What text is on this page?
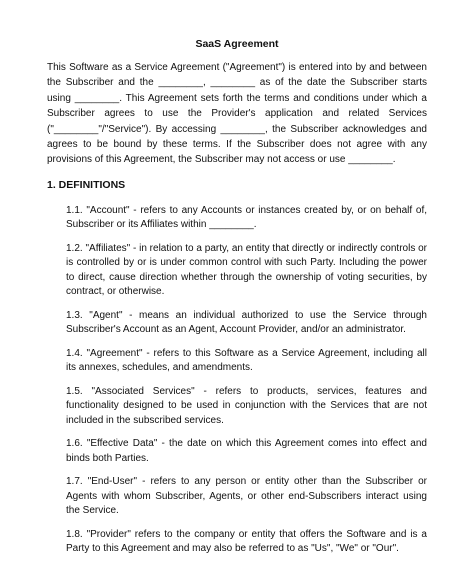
SaaS Agreement

This Software as a Service Agreement ("Agreement") is entered into by and between the Subscriber and the ________, ________ as of the date the Subscriber starts using ________. This Agreement sets forth the terms and conditions under which a Subscriber agrees to use the Provider's application and related Services ("________"/"Service"). By accessing ________, the Subscriber acknowledges and agrees to be bound by these terms. If the Subscriber does not agree with any provisions of this Agreement, the Subscriber may not access or use ________.

1. DEFINITIONS
1.1. "Account" - refers to any Accounts or instances created by, or on behalf of, Subscriber or its Affiliates within ________.
1.2. "Affiliates" - in relation to a party, an entity that directly or indirectly controls or is controlled by or is under common control with such Party. Including the power to direct, cause direction whether through the ownership of voting securities, by contract, or otherwise.
1.3. "Agent" - means an individual authorized to use the Service through Subscriber's Account as an Agent, Account Provider, and/or an administrator.
1.4. "Agreement" - refers to this Software as a Service Agreement, including all its annexes, schedules, and amendments.
1.5. "Associated Services" - refers to products, services, features and functionality designed to be used in conjunction with the Services that are not included in the subscribed services.
1.6. "Effective Data" - the date on which this Agreement comes into effect and binds both Parties.
1.7. "End-User" - refers to any person or entity other than the Subscriber or Agents with whom Subscriber, Agents, or other end-Subscribers interact using the Service.
1.8. "Provider" refers to the company or entity that offers the Software and is a Party to this Agreement and may also be referred to as "Us", "We" or "Our".
